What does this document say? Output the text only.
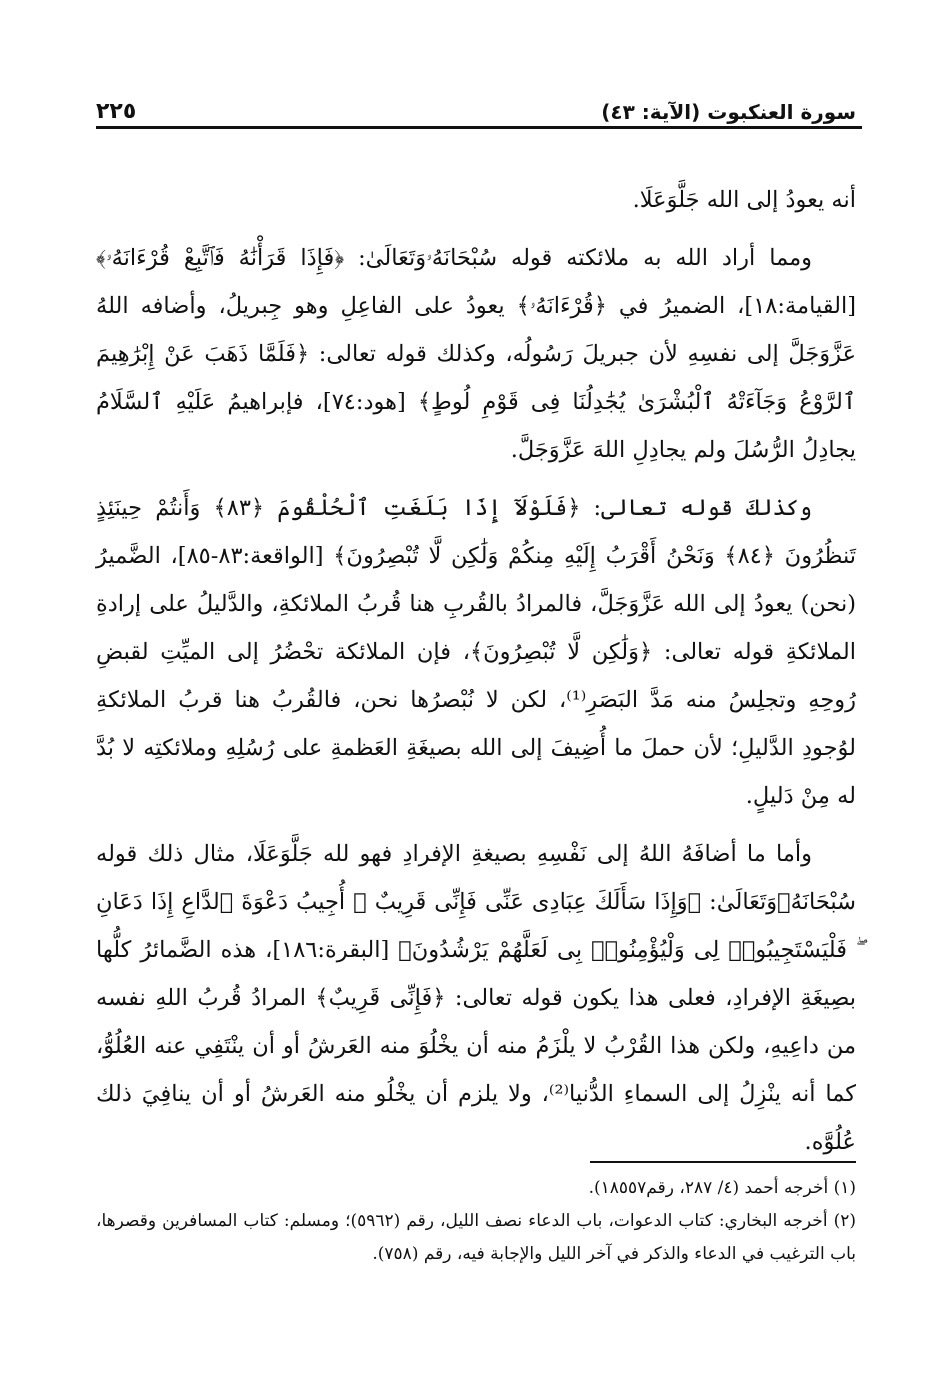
سورة العنكبوت (الآية: ٤٣)
٢٢٥

أنه يعودُ إلى الله جَلَّوَعَلَا.

ومما أراد الله به ملائكته قوله سُبْحَانَهُۥوَتَعَالَىٰ: ﴿فَإِذَا قَرَأْنَٰهُ فَٱتَّبِعْ قُرْءَانَهُۥ﴾ [القيامة:١٨]، الضميرُ في ﴿قُرْءَانَهُۥ﴾ يعودُ على الفاعِلِ وهو جِبريلُ، وأضافه اللهُ عَزَّوَجَلَّ إلى نفسِهِ لأن جبريلَ رَسُولُه، وكذلك قوله تعالى: ﴿فَلَمَّا ذَهَبَ عَنْ إِبْرَٰهِيمَ ٱلرَّوْعُ وَجَآءَتْهُ ٱلْبُشْرَىٰ يُجَٰدِلُنَا فِى قَوْمِ لُوطٍ﴾ [هود:٧٤]، فإبراهيمُ عَلَيْهِ ٱلسَّلَامُ يجادِلُ الرُّسُلَ ولم يجادِلِ اللهَ عَزَّوَجَلَّ.

وكذلكَ قوله تعالى: ﴿فَلَوْلَآ إِذَا بَلَغَتِ ٱلْحُلْقُومَ ﴿٨٣﴾ وَأَنتُمْ حِينَئِذٍ تَنظُرُونَ ﴿٨٤﴾ وَنَحْنُ أَقْرَبُ إِلَيْهِ مِنكُمْ وَلَٰكِن لَّا تُبْصِرُونَ﴾ [الواقعة:٨٣-٨٥]، الضَّميرُ (نحن) يعودُ إلى الله عَزَّوَجَلَّ، فالمرادُ بالقُربِ هنا قُربُ الملائكةِ، والدَّليلُ على إرادةِ الملائكةِ قوله تعالى: ﴿وَلَٰكِن لَّا تُبْصِرُونَ﴾، فإن الملائكة تحْضُرُ إلى الميِّتِ لقبضِ رُوحِهِ وتجلِسُ منه مَدَّ البَصَرِ⁽¹⁾، لكن لا نُبْصرُها نحن، فالقُربُ هنا قربُ الملائكةِ لوُجودِ الدَّليلِ؛ لأن حملَ ما أُضِيفَ إلى الله بصيغَةِ العَظمةِ على رُسُلِهِ وملائكتِه لا بُدَّ له مِنْ دَليلٍ.

وأما ما أضافَهُ اللهُ إلى نَفْسِهِ بصيغةِ الإفرادِ فهو لله جَلَّوَعَلَا، مثال ذلك قوله سُبْحَانَهُۥوَتَعَالَىٰ: ﴿وَإِذَا سَأَلَكَ عِبَادِى عَنِّى فَإِنِّى قَرِيبٌ ۖ أُجِيبُ دَعْوَةَ ٱلدَّاعِ إِذَا دَعَانِ ۖ فَلْيَسْتَجِيبُوا۟ لِى وَلْيُؤْمِنُوا۟ بِى لَعَلَّهُمْ يَرْشُدُونَ﴾ [البقرة:١٨٦]، هذه الضَّمائرُ كلُّها بصِيغَةِ الإفرادِ، فعلى هذا يكون قوله تعالى: ﴿فَإِنِّى قَرِيبٌ﴾ المرادُ قُربُ اللهِ نفسه من داعِيهِ، ولكن هذا القُرْبُ لا يلْزَمُ منه أن يخْلُوَ منه العَرشُ أو أن ينْتَفِي عنه العُلُوُّ، كما أنه ينْزِلُ إلى السماءِ الدُّنيا⁽²⁾، ولا يلزم أن يخْلُو منه العَرشُ أو أن ينافِيَ ذلك عُلُوَّه.

(١) أخرجه أحمد (٤/ ٢٨٧، رقم١٨٥٥٧).

(٢) أخرجه البخاري: كتاب الدعوات، باب الدعاء نصف الليل، رقم (٥٩٦٢)؛ ومسلم: كتاب المسافرين وقصرها، باب الترغيب في الدعاء والذكر في آخر الليل والإجابة فيه، رقم (٧٥٨).
